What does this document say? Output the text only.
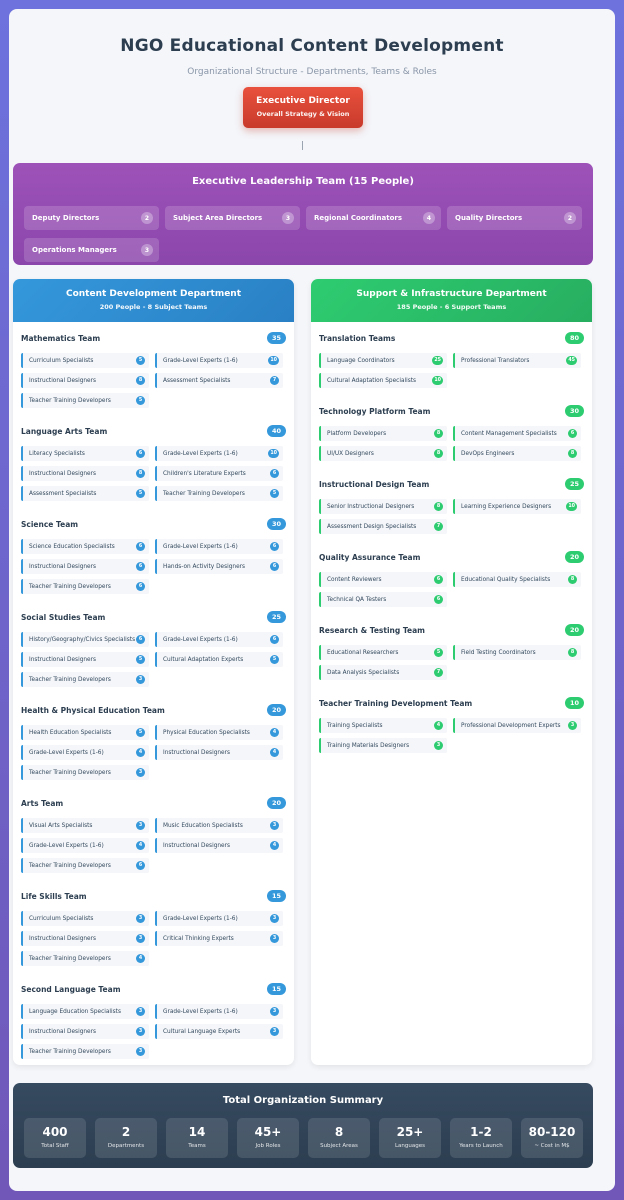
NGO Educational Content Development
Organizational Structure - Departments, Teams & Roles
Executive Director
Overall Strategy & Vision
Executive Leadership Team (15 People)
Deputy Directors	2	Subject Area Directors	3	Regional Coordinators	4	Quality Directors	2
Operations Managers	3
Content Development Department
200 People - 8 Subject Teams
Mathematics Team	35
Curriculum Specialists	5	Grade-Level Experts (1-6)	10
Instructional Designers	8	Assessment Specialists	7
Teacher Training Developers	5
Language Arts Team	40
Literacy Specialists	6	Grade-Level Experts (1-6)	10
Instructional Designers	8	Children's Literature Experts	6
Assessment Specialists	5	Teacher Training Developers	5
Science Team	30
Science Education Specialists	6	Grade-Level Experts (1-6)	6
Instructional Designers	6	Hands-on Activity Designers	6
Teacher Training Developers	6
Social Studies Team	25
History/Geography/Civics Specialists 6	Grade-Level Experts (1-6)	6
Instructional Designers	5	Cultural Adaptation Experts	5
Teacher Training Developers	3
Health & Physical Education Team	20
Health Education Specialists	5	Physical Education Specialists	4
Grade-Level Experts (1-6)	4	Instructional Designers	4
Teacher Training Developers	3
Arts Team	20
Visual Arts Specialists	3	Music Education Specialists	3
Grade-Level Experts (1-6)	4	Instructional Designers	4
Teacher Training Developers	6
Life Skills Team	15
Curriculum Specialists	3	Grade-Level Experts (1-6)	3
Instructional Designers	3	Critical Thinking Experts	3
Teacher Training Developers	4
Second Language Team	15
Language Education Specialists	3	Grade-Level Experts (1-6)	3
Instructional Designers	3	Cultural Language Experts	3
Teacher Training Developers	3
Support & Infrastructure Department
185 People - 6 Support Teams
Translation Teams	80
Language Coordinators	25	Professional Translators	45
Cultural Adaptation Specialists	10
Technology Platform Team	30
Platform Developers	8	Content Management Specialists	6
UI/UX Designers	8	DevOps Engineers	8
Instructional Design Team	25
Senior Instructional Designers	8	Learning Experience Designers	10
Assessment Design Specialists	7
Quality Assurance Team	20
Content Reviewers	6	Educational Quality Specialists	8
Technical QA Testers	6
Research & Testing Team	20
Educational Researchers	5	Field Testing Coordinators	8
Data Analysis Specialists	7
Teacher Training Development Team	10
Training Specialists	4	Professional Development Experts	3
Training Materials Designers	3
Total Organization Summary
400
Total Staff
2
Departments
14
Teams
45+
Job Roles
8
Subject Areas
25+
Languages
1-2
Years to Launch
80-120
~ Cost in M$
